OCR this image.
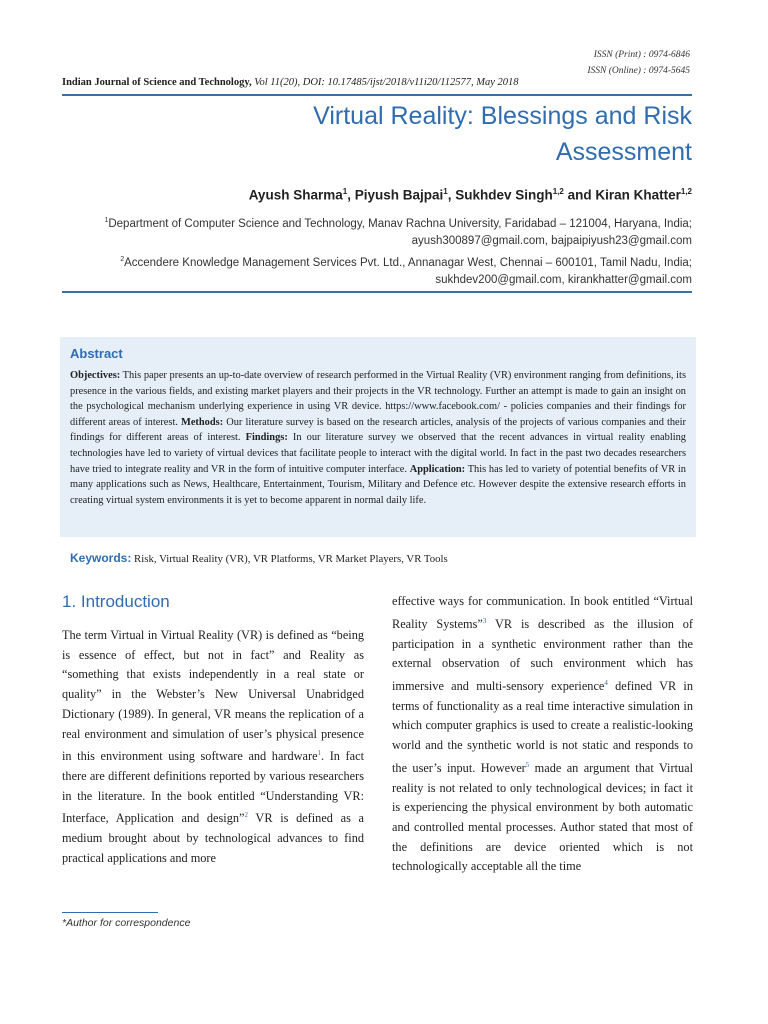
ISSN (Print) : 0974-6846
ISSN (Online) : 0974-5645
Indian Journal of Science and Technology, Vol 11(20), DOI: 10.17485/ijst/2018/v11i20/112577, May 2018
Virtual Reality: Blessings and Risk
Assessment
Ayush Sharma$^1$, Piyush Bajpai$^1$, Sukhdev Singh$^{1,2}$ and Kiran Khatter$^{1,2}$
$^1$Department of Computer Science and Technology, Manav Rachna University, Faridabad – 121004, Haryana, India;
ayush300897@gmail.com, bajpaipiyush23@gmail.com
$^2$Accendere Knowledge Management Services Pvt. Ltd., Annanagar West, Chennai – 600101, Tamil Nadu, India;
sukhdev200@gmail.com, kirankhatter@gmail.com
Abstract
Objectives: This paper presents an up-to-date overview of research performed in the Virtual Reality (VR) environment ranging from definitions, its presence in the various fields, and existing market players and their projects in the VR technology. Further an attempt is made to gain an insight on the psychological mechanism underlying experience in using VR device. https://www.facebook.com/ - policies companies and their findings for different areas of interest. Methods: Our literature survey is based on the research articles, analysis of the projects of various companies and their findings for different areas of interest. Findings: In our literature survey we observed that the recent advances in virtual reality enabling technologies have led to variety of virtual devices that facilitate people to interact with the digital world. In fact in the past two decades researchers have tried to integrate reality and VR in the form of intuitive computer interface. Application: This has led to variety of potential benefits of VR in many applications such as News, Healthcare, Entertainment, Tourism, Military and Defence etc. However despite the extensive research efforts in creating virtual system environments it is yet to become apparent in normal daily life.
Keywords: Risk, Virtual Reality (VR), VR Platforms, VR Market Players, VR Tools
1. Introduction
The term Virtual in Virtual Reality (VR) is defined as “being is essence of effect, but not in fact” and Reality as “something that exists independently in a real state or quality” in the Webster’s New Universal Unabridged Dictionary (1989). In general, VR means the replication of a real environment and simulation of user’s physical presence in this environment using software and hardware$^1$. In fact there are different definitions reported by various researchers in the literature. In the book entitled “Understanding VR: Interface, Application and design”$^2$ VR is defined as a medium brought about by technological advances to find practical applications and more
effective ways for communication. In book entitled “Virtual Reality Systems”$^3$ VR is described as the illusion of participation in a synthetic environment rather than the external observation of such environment which has immersive and multi-sensory experience$^4$ defined VR in terms of functionality as a real time interactive simulation in which computer graphics is used to create a realistic-looking world and the synthetic world is not static and responds to the user’s input. However$^5$ made an argument that Virtual reality is not related to only technological devices; in fact it is experiencing the physical environment by both automatic and controlled mental processes. Author stated that most of the definitions are device oriented which is not technologically acceptable all the time
*Author for correspondence
